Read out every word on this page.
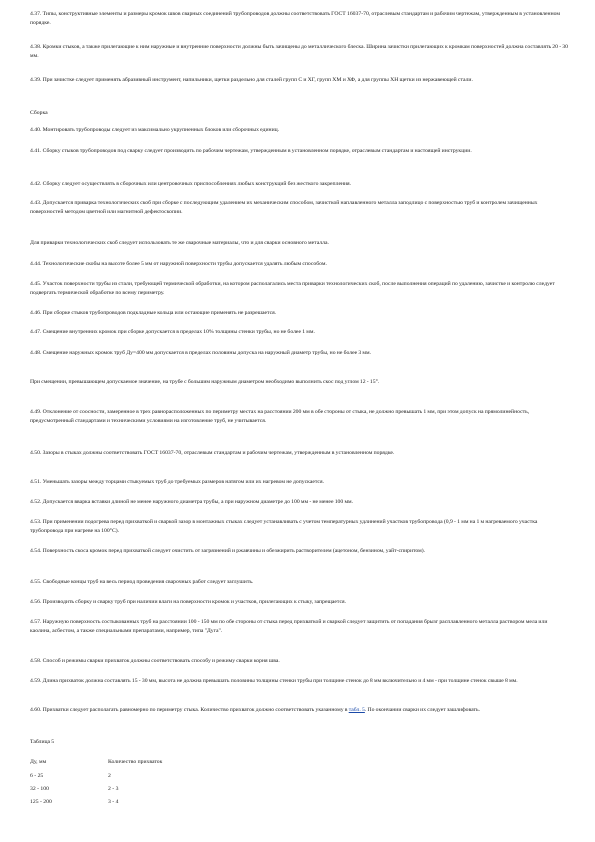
4.37. Типы, конструктивные элементы и размеры кромок швов сварных соединений трубопроводов должны соответствовать ГОСТ 16037-70, отраслевым стандартам и рабочим чертежам, утвержденным в установленном порядке.

4.38. Кромки стыков, а также прилегающие к ним наружные и внутренние поверхности должны быть зачищены до металлического блеска. Ширина зачистки прилегающих к кромкам поверхностей должна составлять 20 - 30 мм.

4.39. При зачистке следует применять абразивный инструмент, напильники, щетки раздельно для сталей групп С и ХГ, групп ХМ и ХФ, а для группы ХН щетки из нержавеющей стали.

Сборка

4.40. Монтировать трубопроводы следует из максимально укрупненных блоков или сборочных единиц.

4.41. Сборку стыков трубопроводов под сварку следует производить по рабочим чертежам, утвержденным в установленном порядке, отраслевым стандартам и настоящей инструкции.

4.42. Сборку следует осуществлять в сборочных или центровочных приспособлениях любых конструкций без жесткого закрепления.

4.43. Допускается приварка технологических скоб при сборке с последующим удалением их механическим способом, зачисткой наплавленного металла заподлицо с поверхностью труб и контролем зачищенных поверхностей методом цветной или магнитной дефектоскопии.

Для приварки технологических скоб следует использовать те же сварочные материалы, что и для сварки основного металла.

4.44. Технологические скобы на высоте более 5 мм от наружной поверхности трубы допускается удалять любым способом.

4.45. Участок поверхности трубы из стали, требующей термической обработки, на котором располагались места приварки технологических скоб, после выполнения операций по удалению, зачистке и контролю следует подвергать термической обработке по всему периметру.

4.46. При сборке стыков трубопроводов подкладные кольца или остающие применять не разрешается.

4.47. Смещение внутренних кромок при сборке допускается в пределах 10% толщины стенки трубы, но не более 1 мм.

4.48. Смещение наружных кромок труб Ду=400 мм допускается в пределах половины допуска на наружный диаметр трубы, но не более 3 мм.

При смещении, превышающем допускаемое значение, на трубе с большим наружным диаметром необходимо выполнить скос под углом 12 - 15°.

4.49. Отклонение от соосности, замеренное в трех равнорасположенных по периметру местах на расстоянии 200 мм в обе стороны от стыка, не должно превышать 1 мм, при этом допуск на прямолинейность, предусмотренный стандартами и техническими условиями на изготовление труб, не учитывается.

4.50. Зазоры в стыках должны соответствовать ГОСТ 16037-70, отраслевым стандартам и рабочим чертежам, утвержденным в установленном порядке.

4.51. Уменьшать зазоры между торцами стыкуемых труб до требуемых размеров натягом или их нагревом не допускается.

4.52. Допускается вварка вставки длиной не менее наружного диаметра трубы, а при наружном диаметре до 100 мм - не менее 100 мм.

4.53. При применении подогрева перед прихваткой и сваркой зазор в монтажных стыках следует устанавливать с учетом температурных удлинений участков трубопровода (0,9 - 1 мм на 1 м нагреваемого участка трубопровода при нагреве на 100°С).

4.54. Поверхность скоса кромок перед прихваткой следует очистить от загрязнений и ржавчины и обезжирить растворителем (ацетоном, бензином, уайт-спиритом).

4.55. Свободные концы труб на весь период проведения сварочных работ следует заглушить.

4.56. Производить сборку и сварку труб при наличии влаги на поверхности кромок и участков, прилегающих к стыку, запрещается.

4.57. Наружную поверхность состыкованных труб на расстоянии 100 - 150 мм по обе стороны от стыка перед прихваткой и сваркой следует защитить от попадания брызг расплавленного металла раствором мела или каолина, асбестом, а также специальными препаратами, например, типа "Дуга".

4.58. Способ и режимы сварки прихваток должны соответствовать способу и режиму сварки корня шва.

4.59. Длина прихваток должна составлять 15 - 30 мм, высота не должна превышать половины толщины стенки трубы при толщине стенок до 8 мм включительно и 4 мм - при толщине стенок свыше 8 мм.

4.60. Прихватки следует располагать равномерно по периметру стыка. Количество прихваток должно соответствовать указанному в табл. 5. По окончании сварки их следует зашлифовать.

Таблица 5

Ду, мм	Количество прихваток
6 - 25	2
32 - 100	2 - 3
125 - 200	3 - 4
